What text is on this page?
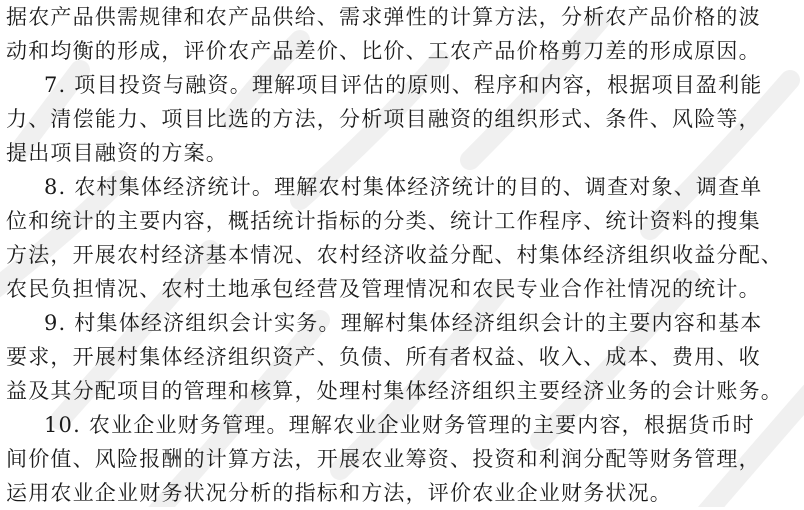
据农产品供需规律和农产品供给、需求弹性的计算方法，分析农产品价格的波
动和均衡的形成，评价农产品差价、比价、工农产品价格剪刀差的形成原因。
7. 项目投资与融资。理解项目评估的原则、程序和内容，根据项目盈利能
力、清偿能力、项目比选的方法，分析项目融资的组织形式、条件、风险等，
提出项目融资的方案。
8. 农村集体经济统计。理解农村集体经济统计的目的、调查对象、调查单
位和统计的主要内容，概括统计指标的分类、统计工作程序、统计资料的搜集
方法，开展农村经济基本情况、农村经济收益分配、村集体经济组织收益分配、
农民负担情况、农村土地承包经营及管理情况和农民专业合作社情况的统计。
9. 村集体经济组织会计实务。理解村集体经济组织会计的主要内容和基本
要求，开展村集体经济组织资产、负债、所有者权益、收入、成本、费用、收
益及其分配项目的管理和核算，处理村集体经济组织主要经济业务的会计账务。
10. 农业企业财务管理。理解农业企业财务管理的主要内容，根据货币时
间价值、风险报酬的计算方法，开展农业筹资、投资和利润分配等财务管理，
运用农业企业财务状况分析的指标和方法，评价农业企业财务状况。
